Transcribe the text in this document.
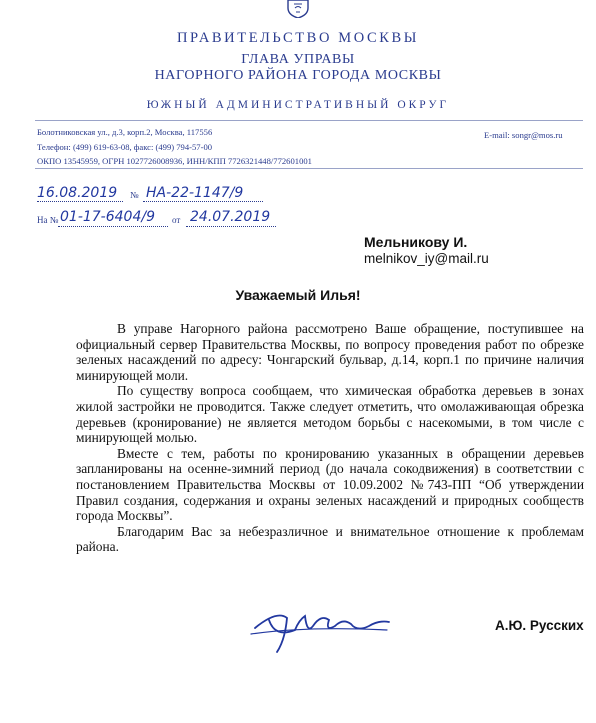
ПРАВИТЕЛЬСТВО МОСКВЫ
ГЛАВА УПРАВЫ
НАГОРНОГО РАЙОНА ГОРОДА МОСКВЫ
ЮЖНЫЙ АДМИНИСТРАТИВНЫЙ ОКРУГ
Болотниковская ул., д.3, корп.2, Москва, 117556
Телефон: (499) 619-63-08, факс: (499) 794-57-00
ОКПО 13545959, ОГРН 1027726008936, ИНН/КПП 7726321448/772601001
E-mail: songr@mos.ru
16.08.2019 № НА-22-1147/9
На № 01-17-6404/9 от 24.07.2019
Мельникову И.
melnikov_iy@mail.ru
Уважаемый Илья!

В управе Нагорного района рассмотрено Ваше обращение, поступившее на официальный сервер Правительства Москвы, по вопросу проведения работ по обрезке зеленых насаждений по адресу: Чонгарский бульвар, д.14, корп.1 по причине наличия минирующей моли.

По существу вопроса сообщаем, что химическая обработка деревьев в зонах жилой застройки не проводится. Также следует отметить, что омолаживающая обрезка деревьев (кронирование) не является методом борьбы с насекомыми, в том числе с минирующей молью.

Вместе с тем, работы по кронированию указанных в обращении деревьев запланированы на осенне-зимний период (до начала сокодвижения) в соответствии с постановлением Правительства Москвы от 10.09.2002 №743-ПП “Об утверждении Правил создания, содержания и охраны зеленых насаждений и природных сообществ города Москвы”.

Благодарим Вас за небезразличное и внимательное отношение к проблемам района.

А.Ю. Русских
